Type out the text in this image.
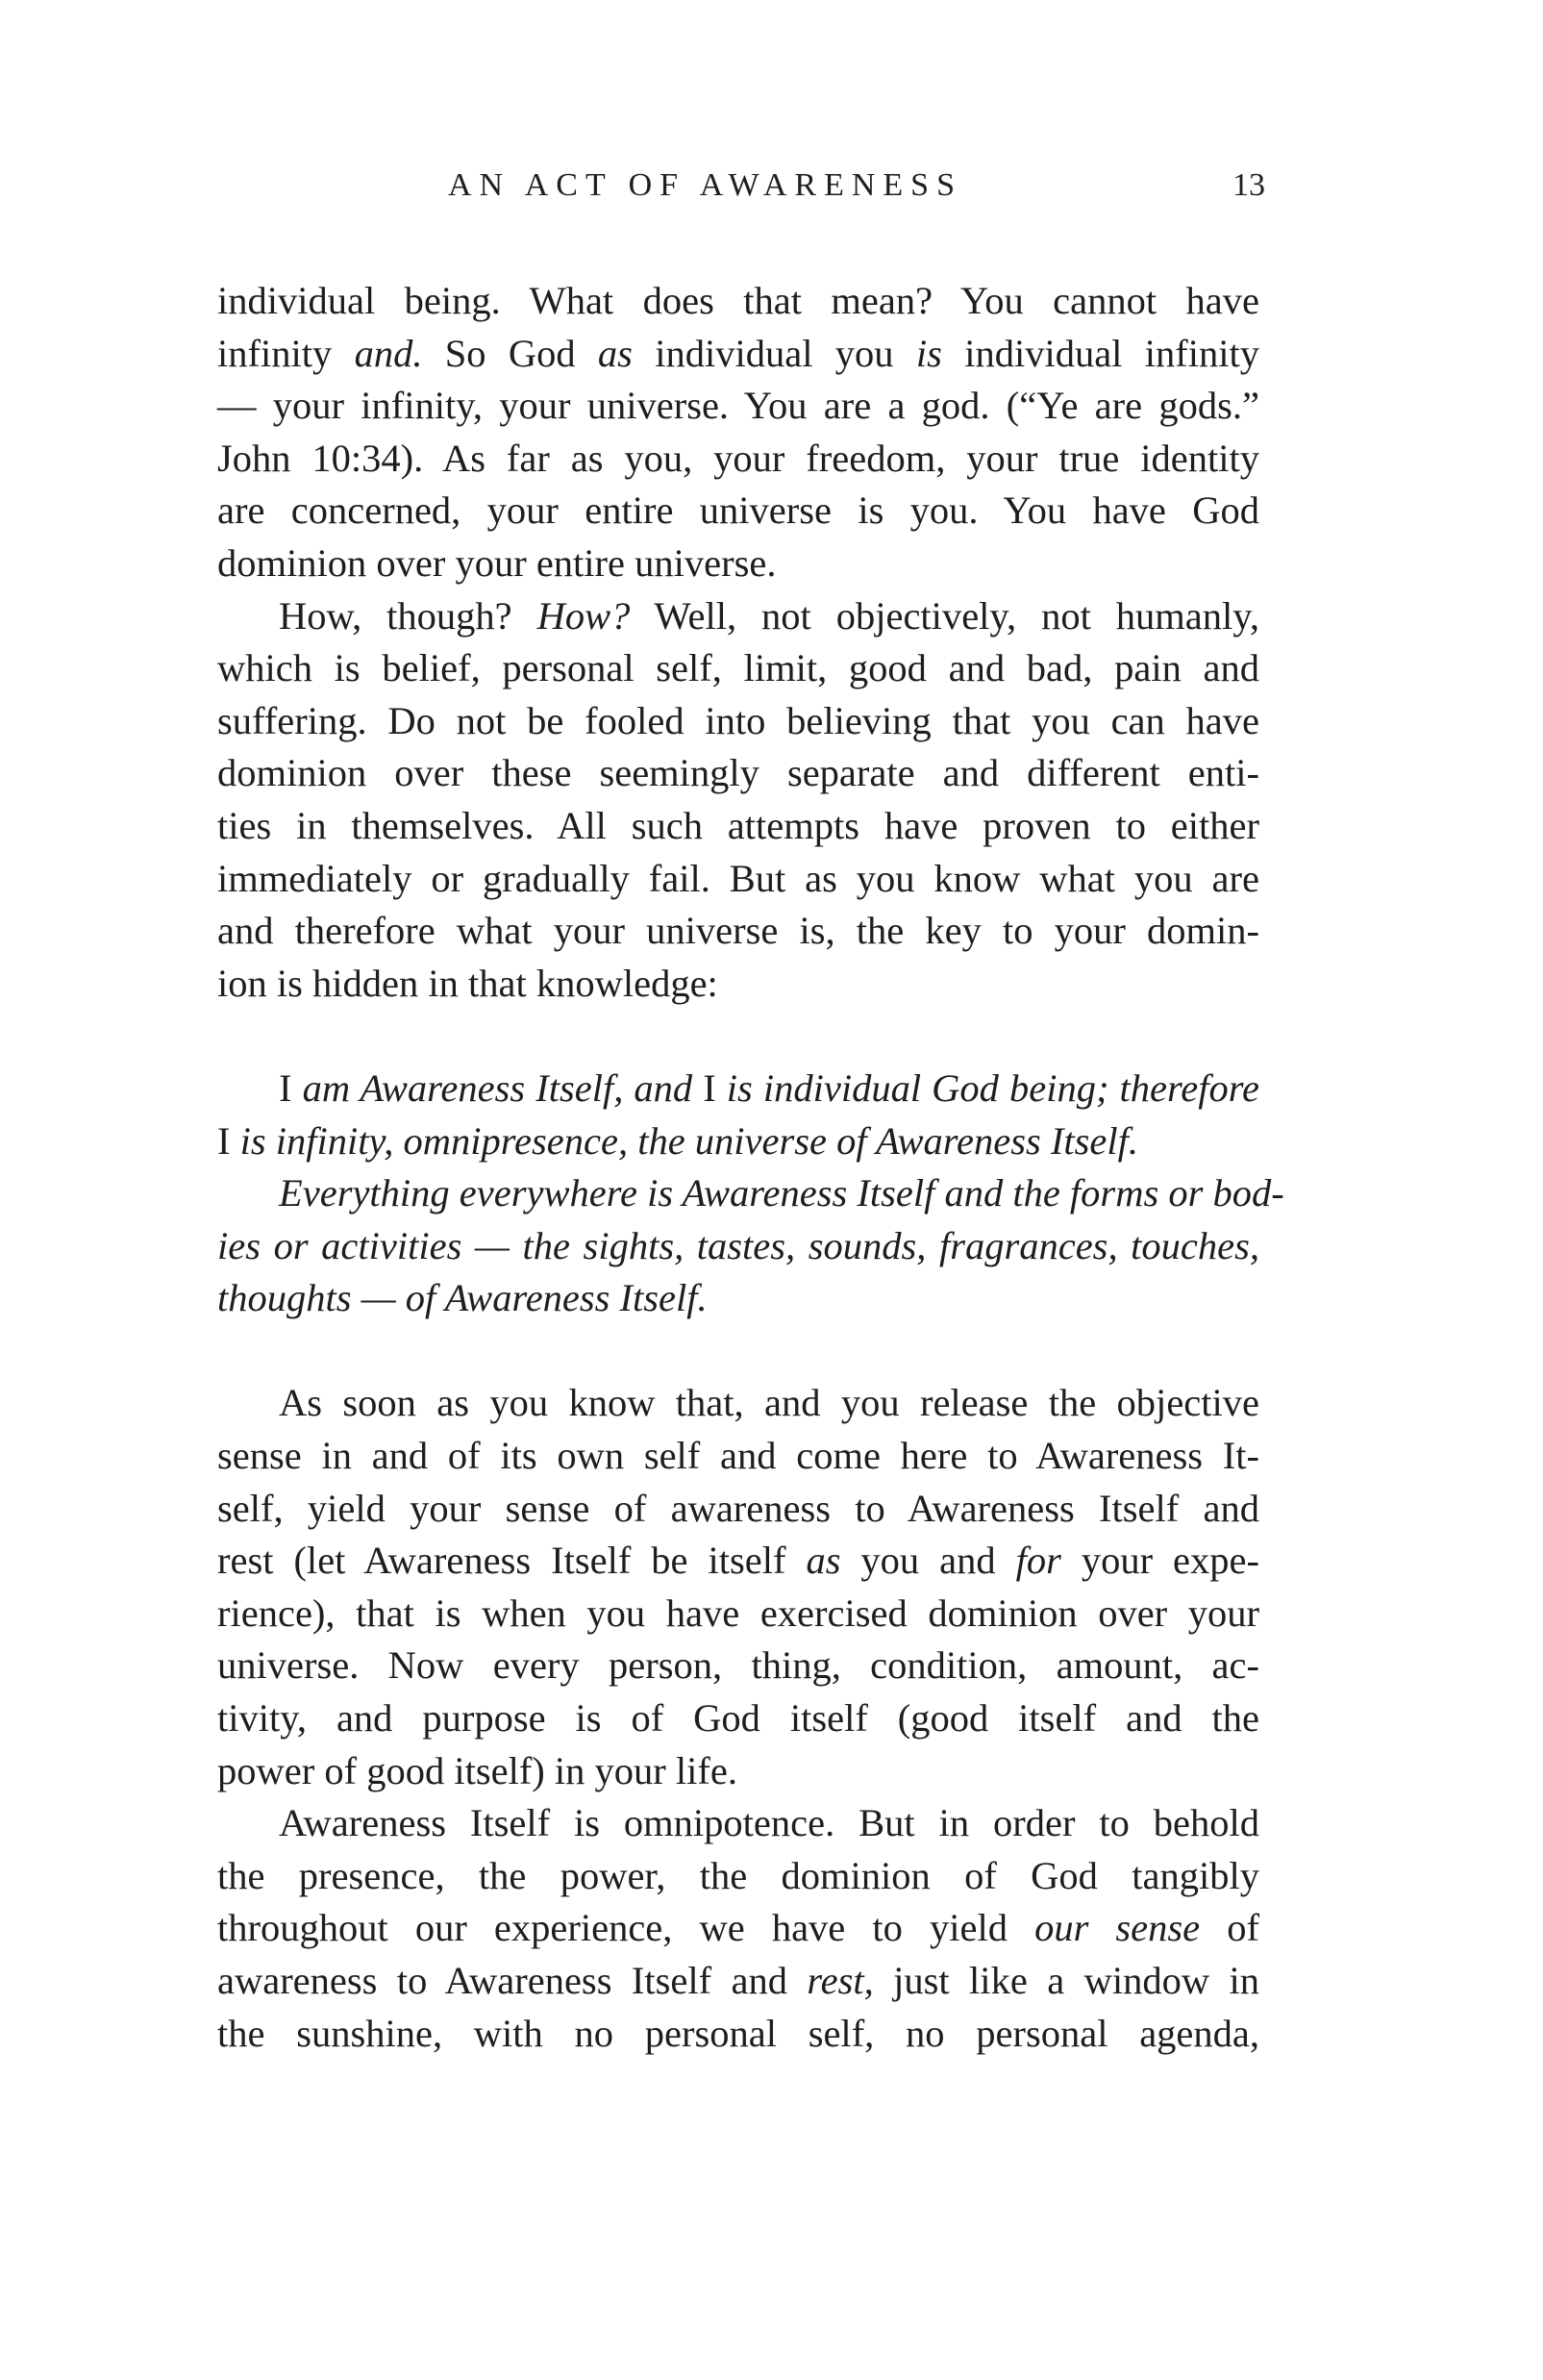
AN ACT OF AWARENESS	13
individual being. What does that mean? You cannot have
infinity and. So God as individual you is individual infinity
— your infinity, your universe. You are a god. (“Ye are gods.”
John 10:34). As far as you, your freedom, your true identity
are concerned, your entire universe is you. You have God
dominion over your entire universe.
How, though? How? Well, not objectively, not humanly,
which is belief, personal self, limit, good and bad, pain and
suffering. Do not be fooled into believing that you can have
dominion over these seemingly separate and different enti-
ties in themselves. All such attempts have proven to either
immediately or gradually fail. But as you know what you are
and therefore what your universe is, the key to your domin-
ion is hidden in that knowledge:
I am Awareness Itself, and I is individual God being; therefore
I is infinity, omnipresence, the universe of Awareness Itself.
Everything everywhere is Awareness Itself and the forms or bod-
ies or activities — the sights, tastes, sounds, fragrances, touches,
thoughts — of Awareness Itself.
As soon as you know that, and you release the objective
sense in and of its own self and come here to Awareness It-
self, yield your sense of awareness to Awareness Itself and
rest (let Awareness Itself be itself as you and for your expe-
rience), that is when you have exercised dominion over your
universe. Now every person, thing, condition, amount, ac-
tivity, and purpose is of God itself (good itself and the
power of good itself) in your life.
Awareness Itself is omnipotence. But in order to behold
the presence, the power, the dominion of God tangibly
throughout our experience, we have to yield our sense of
awareness to Awareness Itself and rest, just like a window in
the sunshine, with no personal self, no personal agenda,
